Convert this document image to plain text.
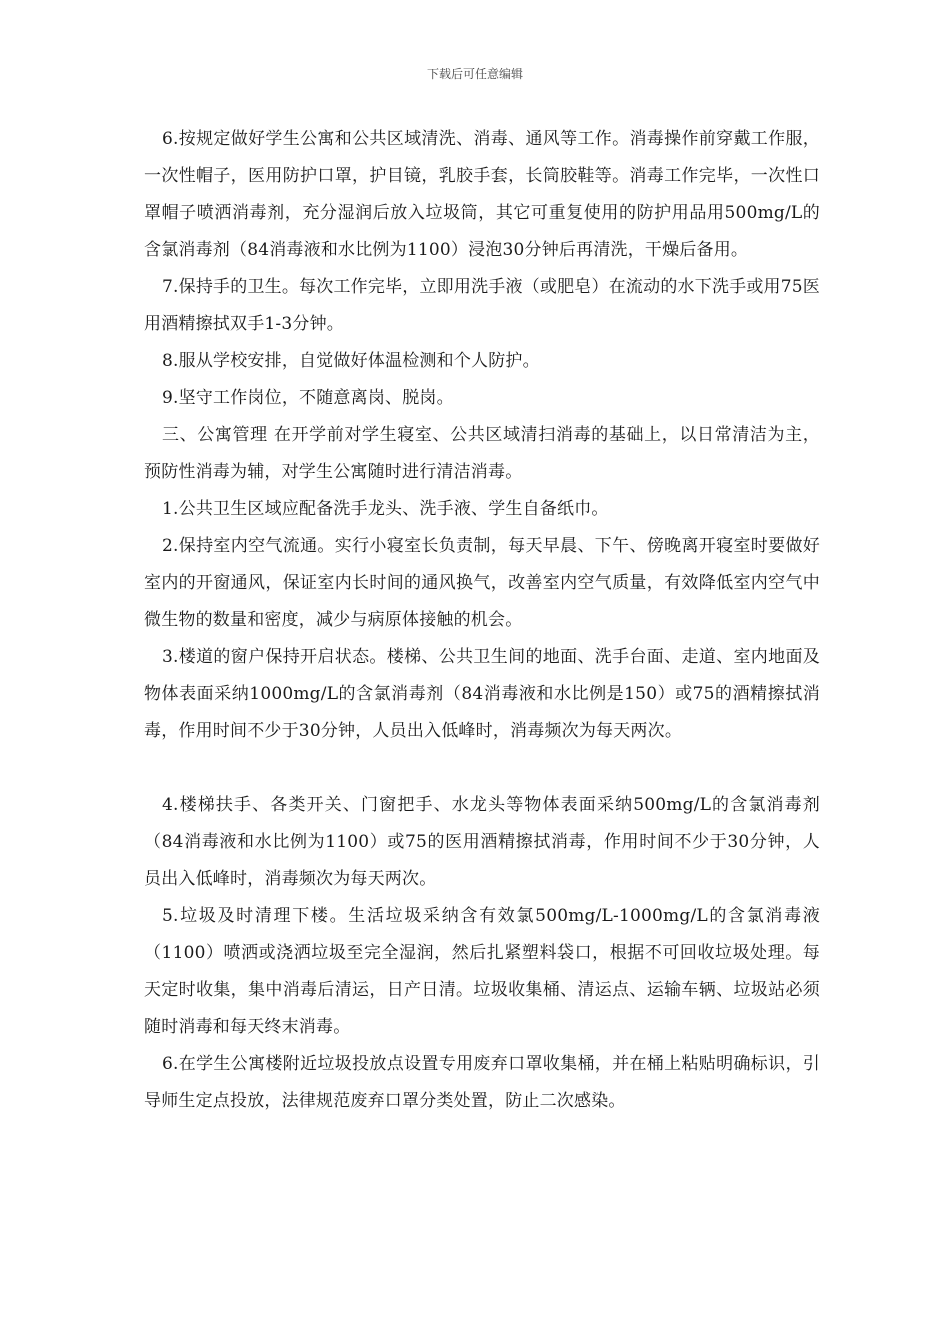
下载后可任意编辑

6.按规定做好学生公寓和公共区域清洗、消毒、通风等工作。消毒操作前穿戴工作服，一次性帽子，医用防护口罩，护目镜，乳胶手套，长筒胶鞋等。消毒工作完毕，一次性口罩帽子喷洒消毒剂，充分湿润后放入垃圾筒，其它可重复使用的防护用品用500mg/L的含氯消毒剂（84消毒液和水比例为1100）浸泡30分钟后再清洗，干燥后备用。

7.保持手的卫生。每次工作完毕，立即用洗手液（或肥皂）在流动的水下洗手或用75医用酒精擦拭双手1-3分钟。

8.服从学校安排，自觉做好体温检测和个人防护。

9.坚守工作岗位，不随意离岗、脱岗。

三、公寓管理 在开学前对学生寝室、公共区域清扫消毒的基础上，以日常清洁为主，预防性消毒为辅，对学生公寓随时进行清洁消毒。

1.公共卫生区域应配备洗手龙头、洗手液、学生自备纸巾。

2.保持室内空气流通。实行小寝室长负责制，每天早晨、下午、傍晚离开寝室时要做好室内的开窗通风，保证室内长时间的通风换气，改善室内空气质量，有效降低室内空气中微生物的数量和密度，减少与病原体接触的机会。

3.楼道的窗户保持开启状态。楼梯、公共卫生间的地面、洗手台面、走道、室内地面及物体表面采纳1000mg/L的含氯消毒剂（84消毒液和水比例是150）或75的酒精擦拭消毒，作用时间不少于30分钟，人员出入低峰时，消毒频次为每天两次。

4.楼梯扶手、各类开关、门窗把手、水龙头等物体表面采纳500mg/L的含氯消毒剂（84消毒液和水比例为1100）或75的医用酒精擦拭消毒，作用时间不少于30分钟，人员出入低峰时，消毒频次为每天两次。

5.垃圾及时清理下楼。生活垃圾采纳含有效氯500mg/L-1000mg/L的含氯消毒液（1100）喷洒或浇洒垃圾至完全湿润，然后扎紧塑料袋口，根据不可回收垃圾处理。每天定时收集，集中消毒后清运，日产日清。垃圾收集桶、清运点、运输车辆、垃圾站必须随时消毒和每天终末消毒。

6.在学生公寓楼附近垃圾投放点设置专用废弃口罩收集桶，并在桶上粘贴明确标识，引导师生定点投放，法律规范废弃口罩分类处置，防止二次感染。
